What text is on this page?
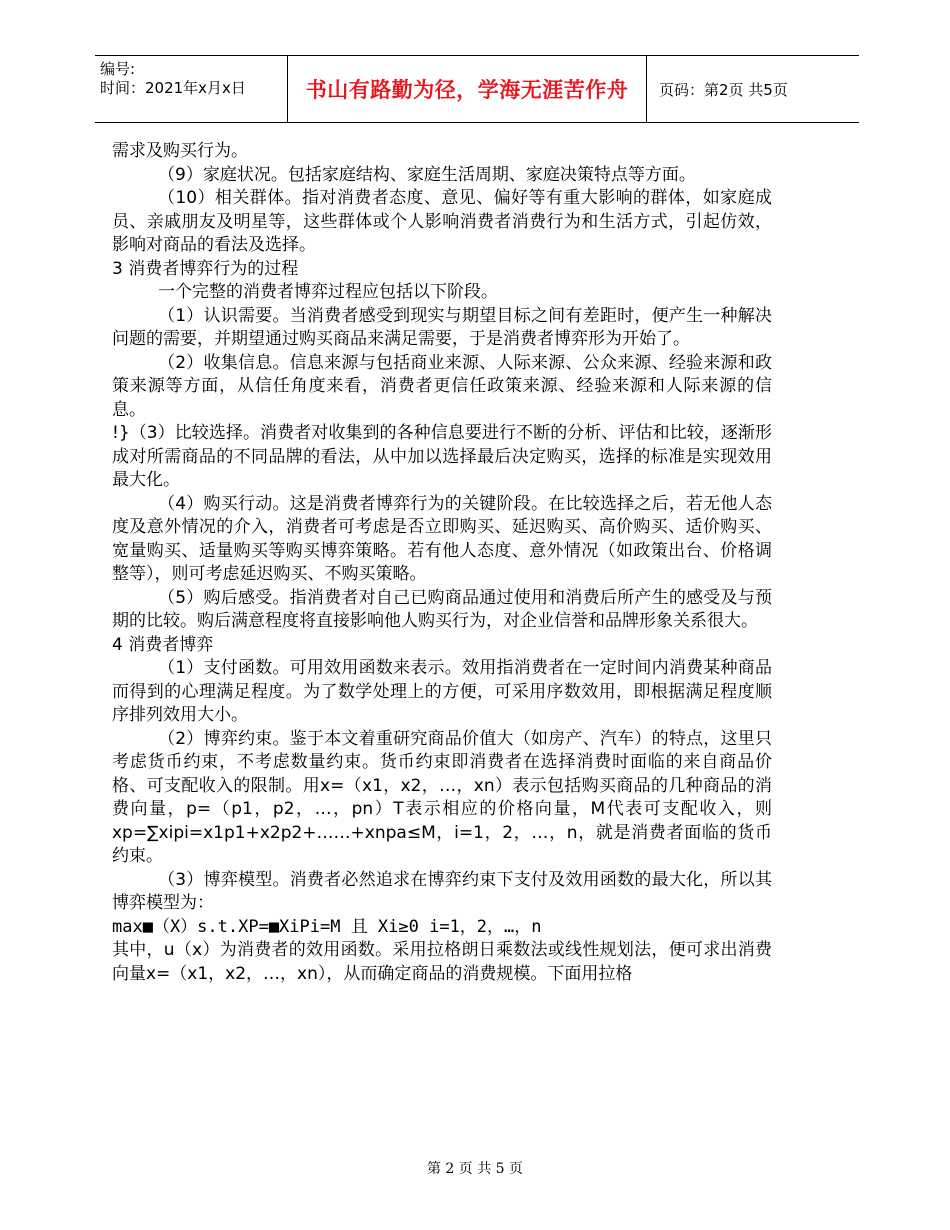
编号:
时间：2021年x月x日	书山有路勤为径，学海无涯苦作舟	页码：第2页 共5页

需求及购买行为。

（9）家庭状况。包括家庭结构、家庭生活周期、家庭决策特点等方面。

（10）相关群体。指对消费者态度、意见、偏好等有重大影响的群体，如家庭成员、亲戚朋友及明星等，这些群体或个人影响消费者消费行为和生活方式，引起仿效，影响对商品的看法及选择。

3 消费者博弈行为的过程

一个完整的消费者博弈过程应包括以下阶段。

（1）认识需要。当消费者感受到现实与期望目标之间有差距时，便产生一种解决问题的需要，并期望通过购买商品来满足需要，于是消费者博弈形为开始了。

（2）收集信息。信息来源与包括商业来源、人际来源、公众来源、经验来源和政策来源等方面，从信任角度来看，消费者更信任政策来源、经验来源和人际来源的信息。

!}（3）比较选择。消费者对收集到的各种信息要进行不断的分析、评估和比较，逐渐形成对所需商品的不同品牌的看法，从中加以选择最后决定购买，选择的标准是实现效用最大化。

（4）购买行动。这是消费者博弈行为的关键阶段。在比较选择之后，若无他人态度及意外情况的介入，消费者可考虑是否立即购买、延迟购买、高价购买、适价购买、宽量购买、适量购买等购买博弈策略。若有他人态度、意外情况（如政策出台、价格调整等），则可考虑延迟购买、不购买策略。

（5）购后感受。指消费者对自己已购商品通过使用和消费后所产生的感受及与预期的比较。购后满意程度将直接影响他人购买行为，对企业信誉和品牌形象关系很大。

4 消费者博弈

（1）支付函数。可用效用函数来表示。效用指消费者在一定时间内消费某种商品而得到的心理满足程度。为了数学处理上的方便，可采用序数效用，即根据满足程度顺序排列效用大小。

（2）博弈约束。鉴于本文着重研究商品价值大（如房产、汽车）的特点，这里只考虑货币约束，不考虑数量约束。货币约束即消费者在选择消费时面临的来自商品价格、可支配收入的限制。用x=（x1，x2，…，xn）表示包括购买商品的几种商品的消费向量，p=（p1，p2，…，pn）T表示相应的价格向量，M代表可支配收入，则xp=∑xipi=x1p1+x2p2+……+xnpa≤M，i=1，2，…，n，就是消费者面临的货币约束。

（3）博弈模型。消费者必然追求在博弈约束下支付及效用函数的最大化，所以其博弈模型为：

max■（X）s.t.XP=■XiPi=M 且 Xi≥0 i=1，2，…，n

其中，u（x）为消费者的效用函数。采用拉格朗日乘数法或线性规划法，便可求出消费向量x=（x1，x2，…，xn），从而确定商品的消费规模。下面用拉格

第 2 页 共 5 页
